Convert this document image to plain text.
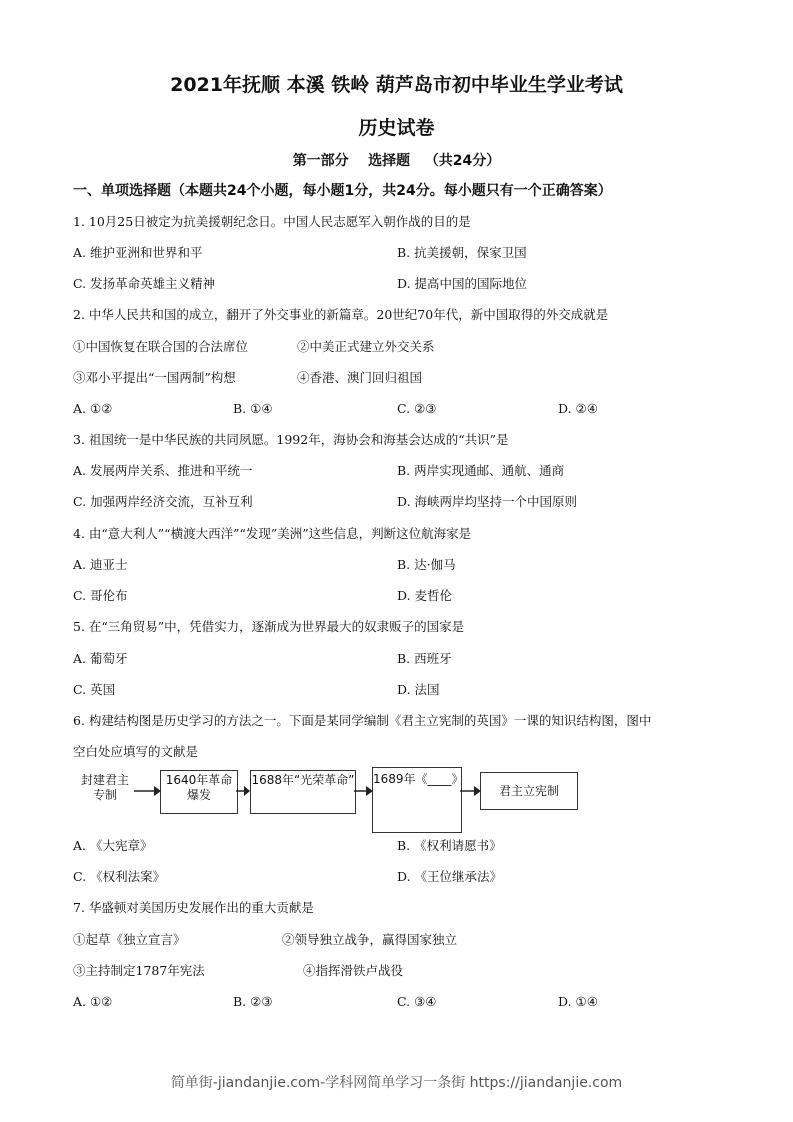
2021年抚顺 本溪 铁岭 葫芦岛市初中毕业生学业考试
历史试卷
第一部分    选择题   （共24分）
一、单项选择题（本题共24个小题，每小题1分，共24分。每小题只有一个正确答案）
1. 10月25日被定为抗美援朝纪念日。中国人民志愿军入朝作战的目的是
A. 维护亚洲和世界和平	B. 抗美援朝，保家卫国
C. 发扬革命英雄主义精神	D. 提高中国的国际地位
2. 中华人民共和国的成立，翻开了外交事业的新篇章。20世纪70年代，新中国取得的外交成就是
①中国恢复在联合国的合法席位	②中美正式建立外交关系
③邓小平提出“一国两制”构想	④香港、澳门回归祖国
A. ①②	B. ①④	C. ②③	D. ②④
3. 祖国统一是中华民族的共同夙愿。1992年，海协会和海基会达成的“共识”是
A. 发展两岸关系、推进和平统一	B. 两岸实现通邮、通航、通商
C. 加强两岸经济交流，互补互利	D. 海峡两岸均坚持一个中国原则
4. 由“意大利人”“横渡大西洋”“发现”美洲”这些信息，判断这位航海家是
A. 迪亚士	B. 达·伽马
C. 哥伦布	D. 麦哲伦
5. 在“三角贸易”中，凭借实力，逐渐成为世界最大的奴隶贩子的国家是
A. 葡萄牙	B. 西班牙
C. 英国	D. 法国
6. 构建结构图是历史学习的方法之一。下面是某同学编制《君主立宪制的英国》一课的知识结构图，图中
空白处应填写的文献是
封建君主专制
1640年革命爆发
1688年“光荣革命” 1689年《____》
君主立宪制
A. 《大宪章》	B. 《权利请愿书》
C. 《权利法案》	D. 《王位继承法》
7. 华盛顿对美国历史发展作出的重大贡献是
①起草《独立宣言》	②领导独立战争，赢得国家独立
③主持制定1787年宪法	④指挥滑铁卢战役
A. ①②	B. ②③	C. ③④	D. ①④
简单街-jiandanjie.com-学科网简单学习一条街 https://jiandanjie.com
